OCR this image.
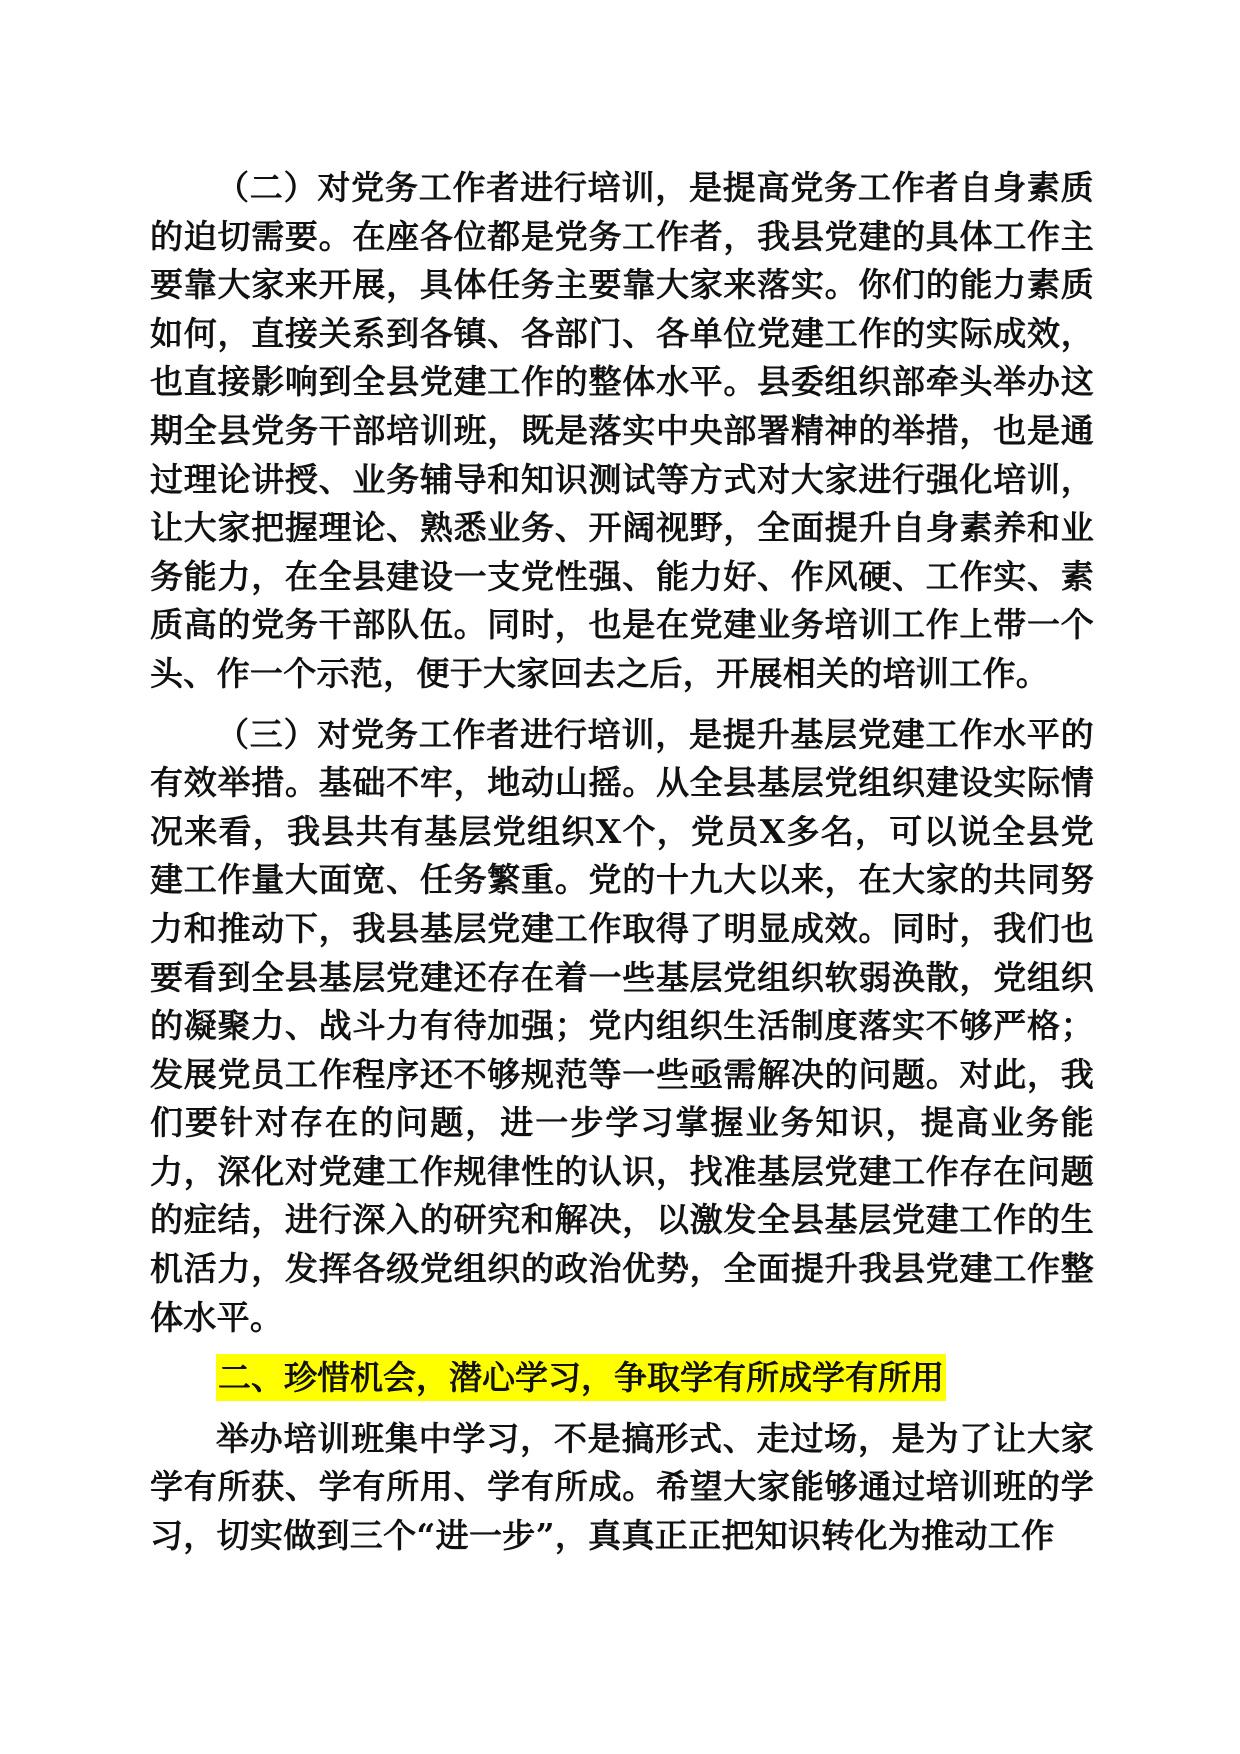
（二）对党务工作者进行培训，是提高党务工作者自身素质的迫切需要。在座各位都是党务工作者，我县党建的具体工作主要靠大家来开展，具体任务主要靠大家来落实。你们的能力素质如何，直接关系到各镇、各部门、各单位党建工作的实际成效，也直接影响到全县党建工作的整体水平。县委组织部牵头举办这期全县党务干部培训班，既是落实中央部署精神的举措，也是通过理论讲授、业务辅导和知识测试等方式对大家进行强化培训，让大家把握理论、熟悉业务、开阔视野，全面提升自身素养和业务能力，在全县建设一支党性强、能力好、作风硬、工作实、素质高的党务干部队伍。同时，也是在党建业务培训工作上带一个头、作一个示范，便于大家回去之后，开展相关的培训工作。

（三）对党务工作者进行培训，是提升基层党建工作水平的有效举措。基础不牢，地动山摇。从全县基层党组织建设实际情况来看，我县共有基层党组织X个，党员X多名，可以说全县党建工作量大面宽、任务繁重。党的十九大以来，在大家的共同努力和推动下，我县基层党建工作取得了明显成效。同时，我们也要看到全县基层党建还存在着一些基层党组织软弱涣散，党组织的凝聚力、战斗力有待加强；党内组织生活制度落实不够严格；发展党员工作程序还不够规范等一些亟需解决的问题。对此，我们要针对存在的问题，进一步学习掌握业务知识，提高业务能力，深化对党建工作规律性的认识，找准基层党建工作存在问题的症结，进行深入的研究和解决，以激发全县基层党建工作的生机活力，发挥各级党组织的政治优势，全面提升我县党建工作整体水平。

二、珍惜机会，潜心学习，争取学有所成学有所用

举办培训班集中学习，不是搞形式、走过场，是为了让大家学有所获、学有所用、学有所成。希望大家能够通过培训班的学习，切实做到三个“进一步”，真真正正把知识转化为推动工作
